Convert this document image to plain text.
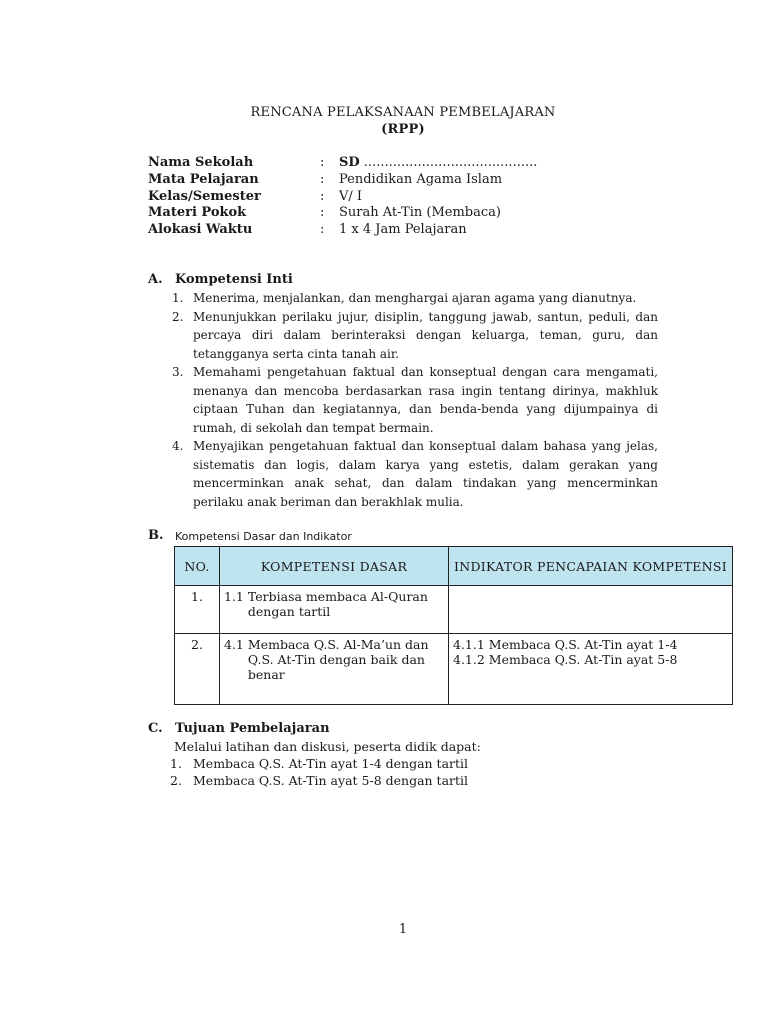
RENCANA PELAKSANAAN PEMBELAJARAN
(RPP)
Nama Sekolah	: SD ..........................................
Mata Pelajaran	: Pendidikan Agama Islam
Kelas/Semester	: V/ I
Materi Pokok	: Surah At-Tin (Membaca)
Alokasi Waktu	: 1 x 4 Jam Pelajaran
A. Kompetensi Inti
1. Menerima, menjalankan, dan menghargai ajaran agama yang dianutnya.
2. Menunjukkan perilaku jujur, disiplin, tanggung jawab, santun, peduli, dan percaya diri dalam berinteraksi dengan keluarga, teman, guru, dan tetangganya serta cinta tanah air.
3. Memahami pengetahuan faktual dan konseptual dengan cara mengamati, menanya dan mencoba berdasarkan rasa ingin tentang dirinya, makhluk ciptaan Tuhan dan kegiatannya, dan benda-benda yang dijumpainya di rumah, di sekolah dan tempat bermain.
4. Menyajikan pengetahuan faktual dan konseptual dalam bahasa yang jelas, sistematis dan logis, dalam karya yang estetis, dalam gerakan yang mencerminkan anak sehat, dan dalam tindakan yang mencerminkan perilaku anak beriman dan berakhlak mulia.
B. Kompetensi Dasar dan Indikator
NO.	KOMPETENSI DASAR	INDIKATOR PENCAPAIAN KOMPETENSI
1.	1.1 Terbiasa membaca Al-Quran dengan tartil	

2.	4.1 Membaca Q.S. Al-Ma’un dan Q.S. At-Tin dengan baik dan benar	4.1.1 Membaca Q.S. At-Tin ayat 1-4
4.1.2 Membaca Q.S. At-Tin ayat 5-8
C. Tujuan Pembelajaran
Melalui latihan dan diskusi, peserta didik dapat:
1. Membaca Q.S. At-Tin ayat 1-4 dengan tartil
2. Membaca Q.S. At-Tin ayat 5-8 dengan tartil
1
